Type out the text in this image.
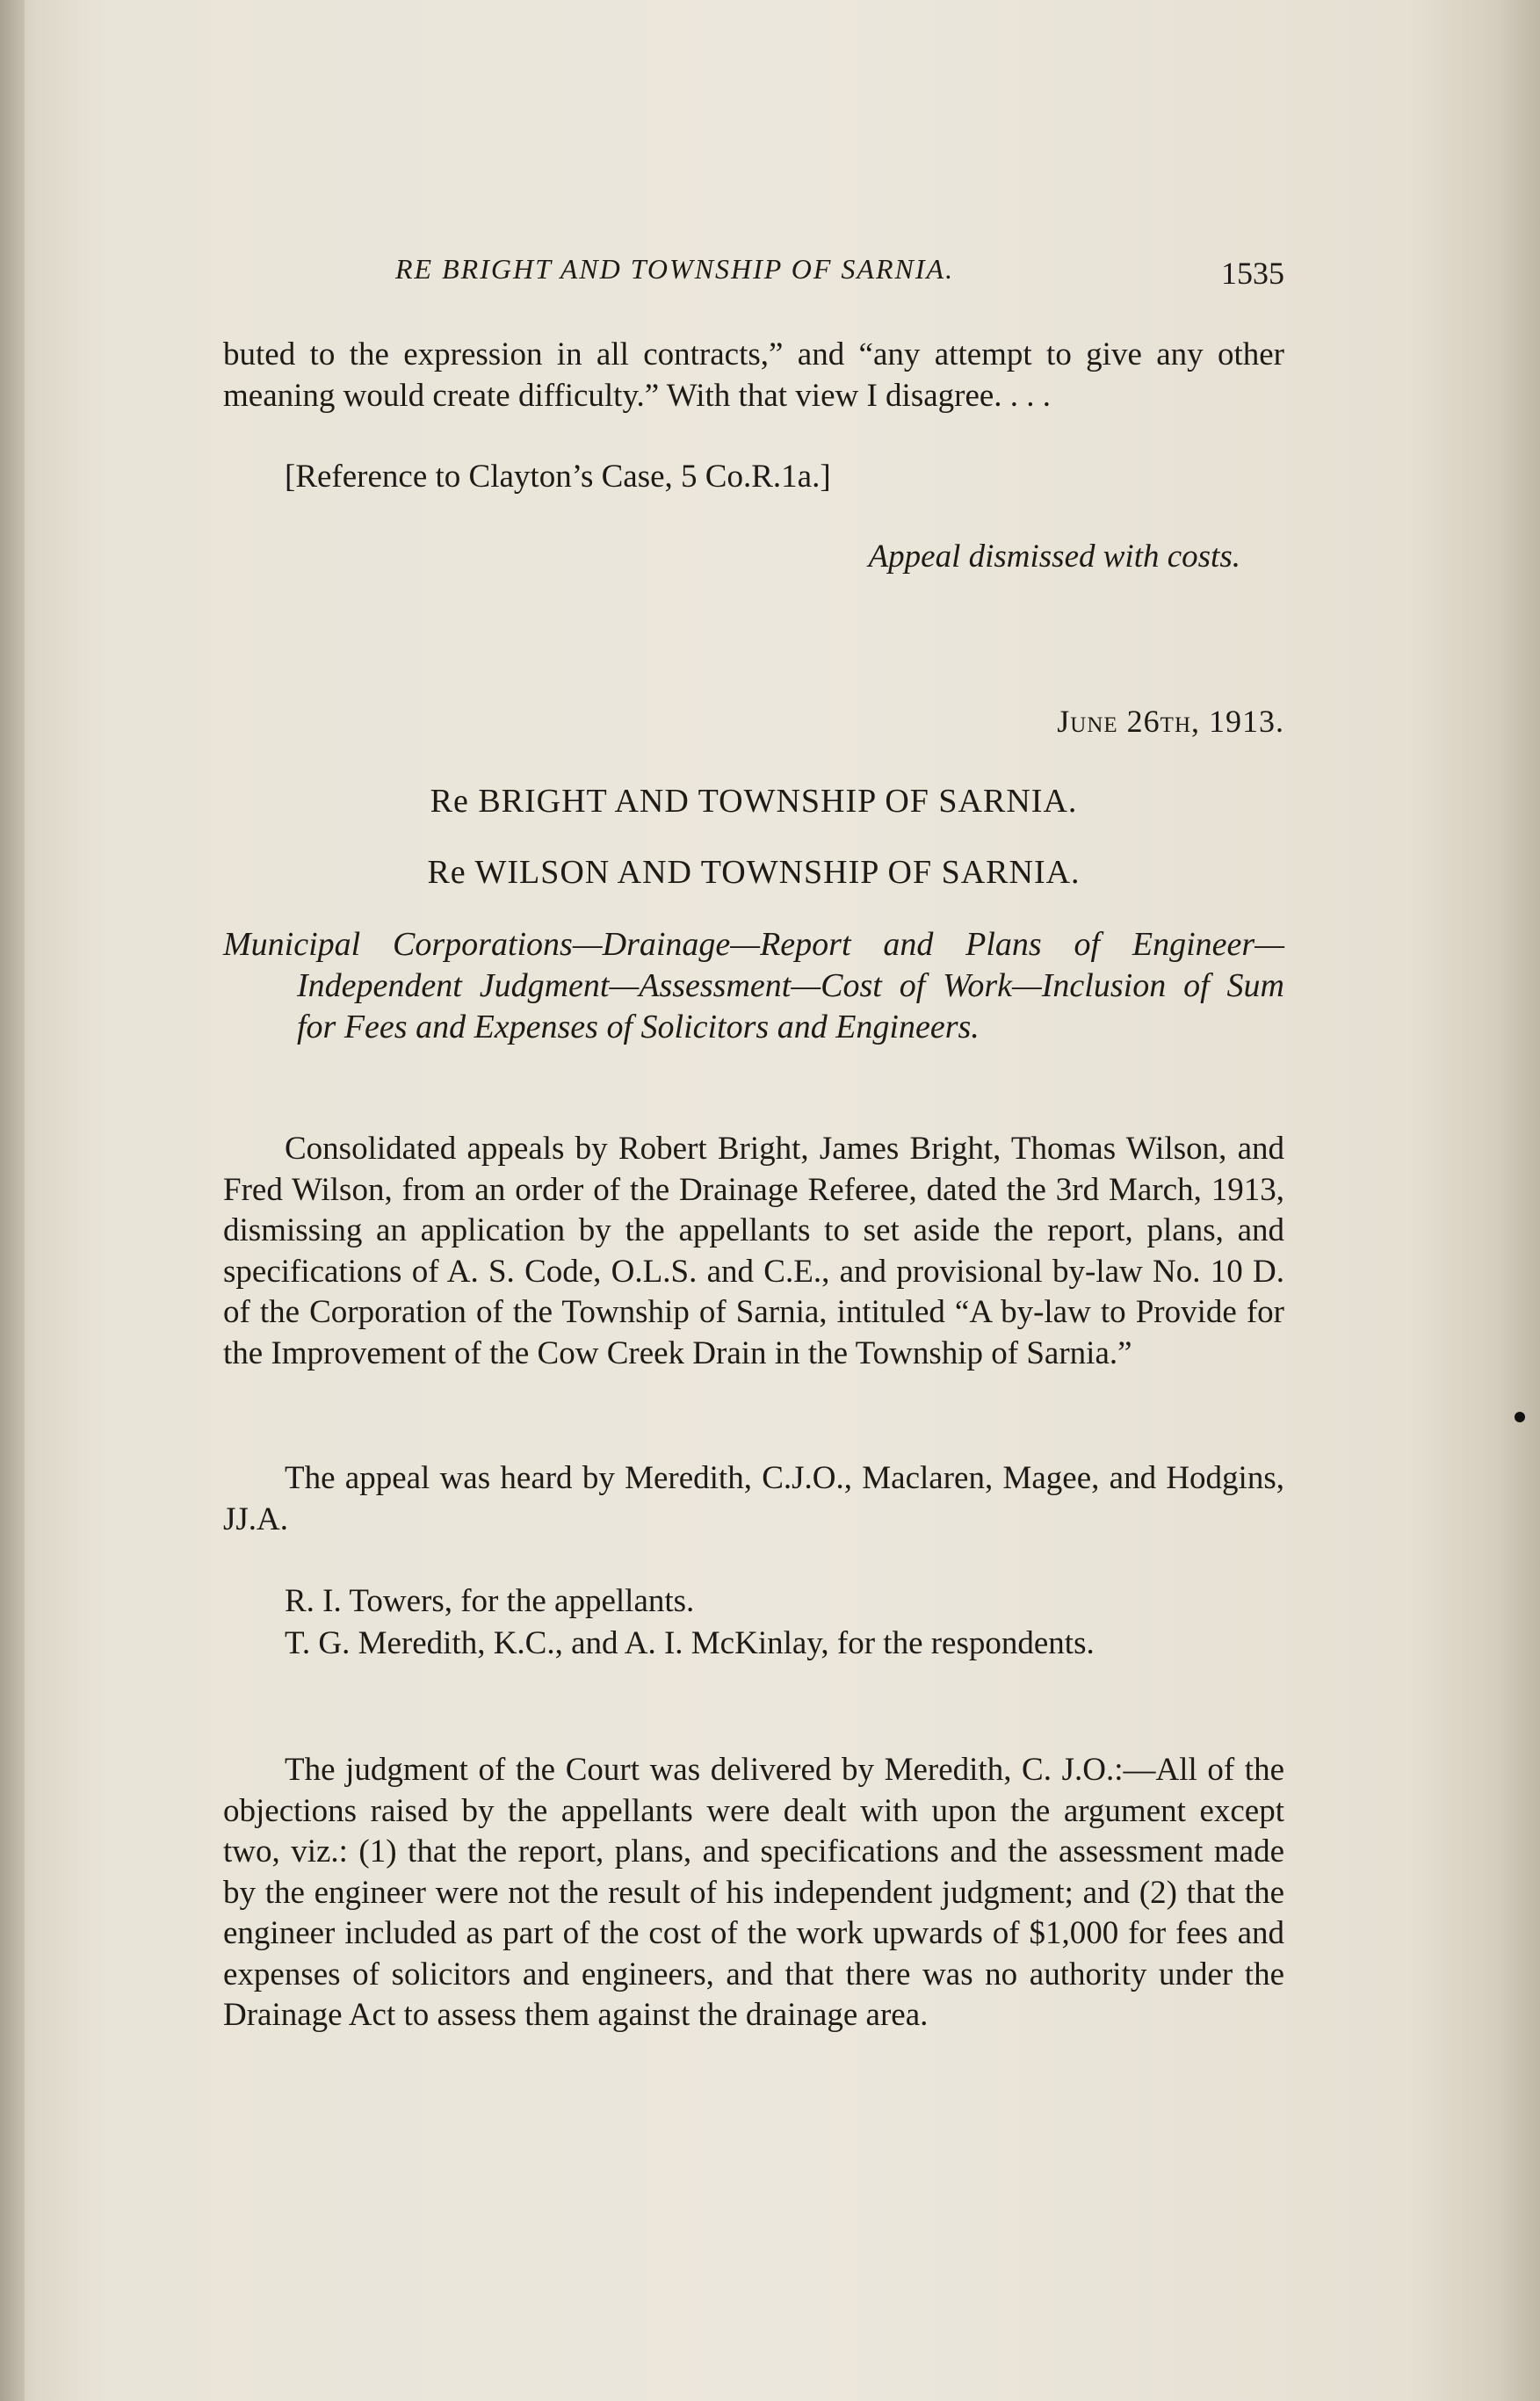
RE BRIGHT AND TOWNSHIP OF SARNIA.	1535
buted to the expression in all contracts,” and “any attempt to give any other meaning would create difficulty.” With that view I disagree. . . .
[Reference to Clayton’s Case, 5 Co.R.1a.]
Appeal dismissed with costs.
June 26th, 1913.
Re BRIGHT AND TOWNSHIP OF SARNIA.
Re WILSON AND TOWNSHIP OF SARNIA.
Municipal Corporations—Drainage—Report and Plans of Engineer—Independent Judgment—Assessment—Cost of Work—Inclusion of Sum for Fees and Expenses of Solicitors and Engineers.
Consolidated appeals by Robert Bright, James Bright, Thomas Wilson, and Fred Wilson, from an order of the Drainage Referee, dated the 3rd March, 1913, dismissing an application by the appellants to set aside the report, plans, and specifications of A. S. Code, O.L.S. and C.E., and provisional by-law No. 10 D. of the Corporation of the Township of Sarnia, intituled “A by-law to Provide for the Improvement of the Cow Creek Drain in the Township of Sarnia.”
The appeal was heard by Meredith, C.J.O., Maclaren, Magee, and Hodgins, JJ.A.
R. I. Towers, for the appellants.
T. G. Meredith, K.C., and A. I. McKinlay, for the respondents.
The judgment of the Court was delivered by Meredith, C. J.O.:—All of the objections raised by the appellants were dealt with upon the argument except two, viz.: (1) that the report, plans, and specifications and the assessment made by the engineer were not the result of his independent judgment; and (2) that the engineer included as part of the cost of the work upwards of $1,000 for fees and expenses of solicitors and engineers, and that there was no authority under the Drainage Act to assess them against the drainage area.
